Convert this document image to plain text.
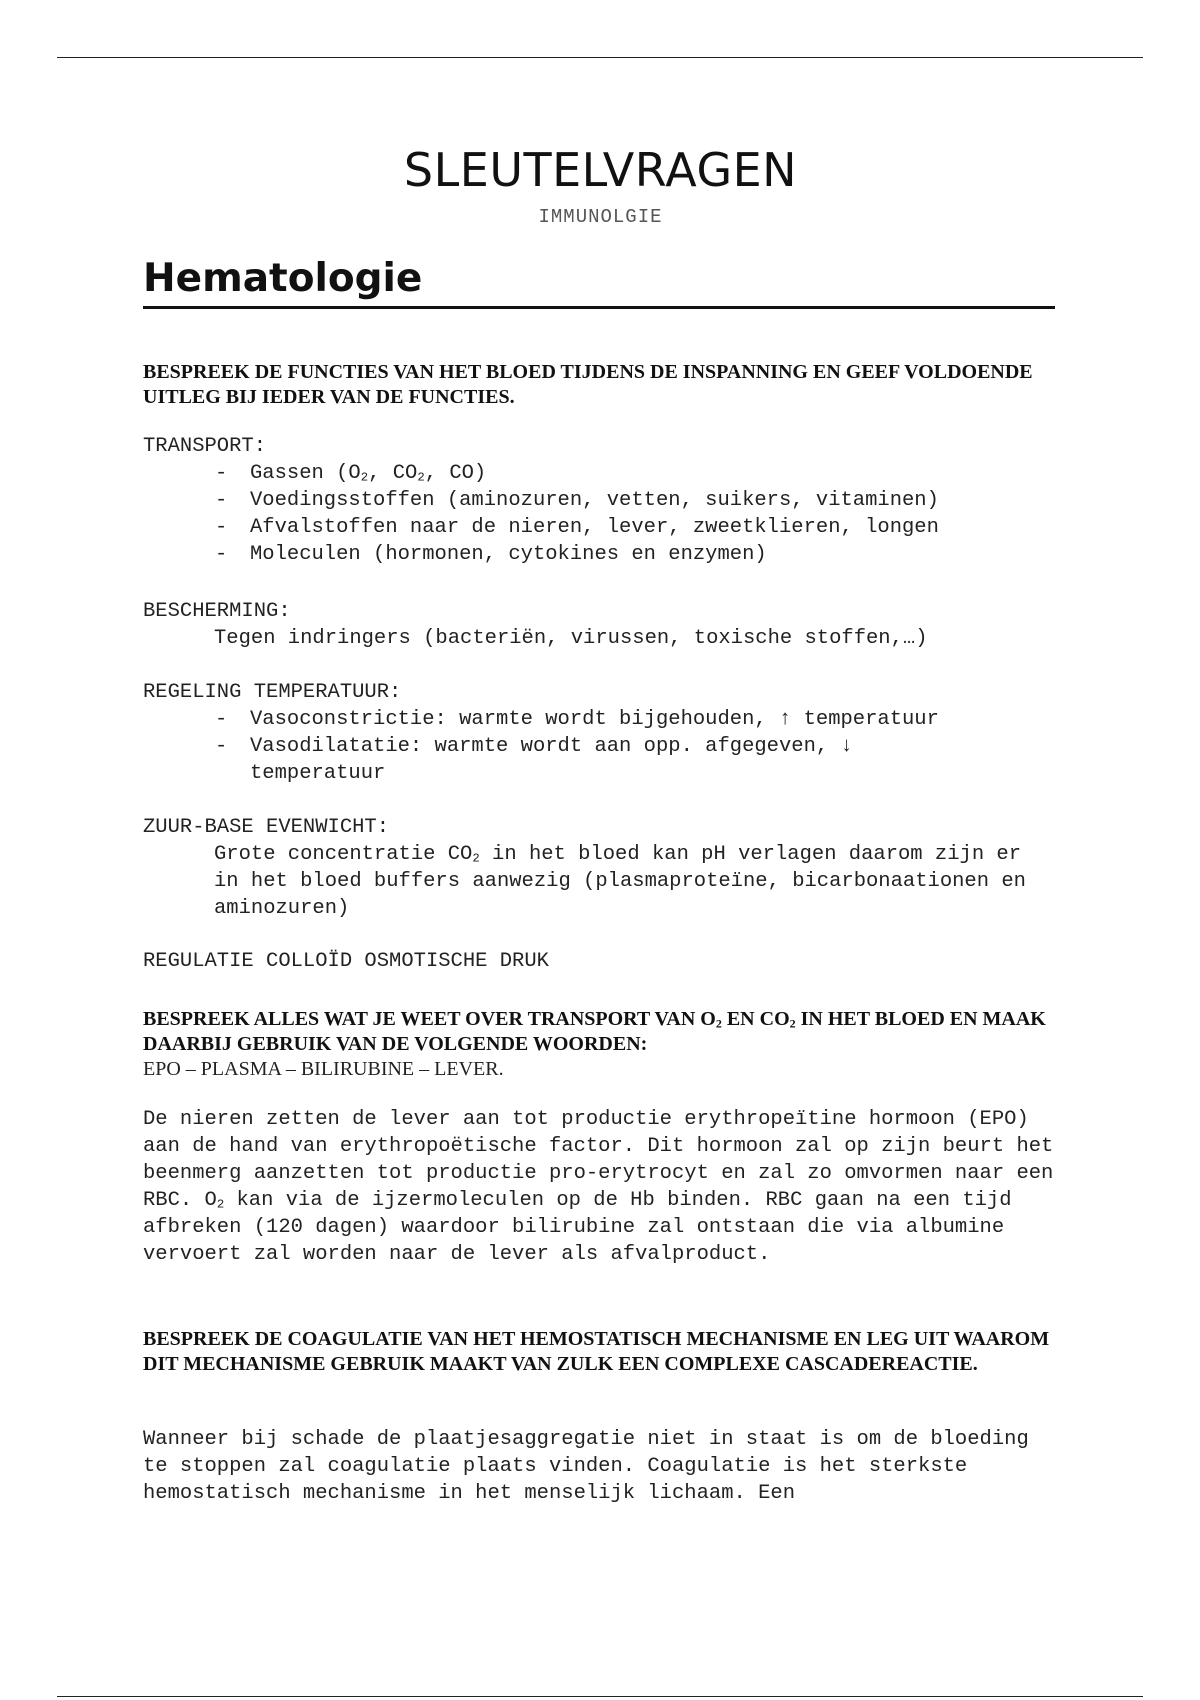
SLEUTELVRAGEN

IMMUNOLGIE

Hematologie

BESPREEK DE FUNCTIES VAN HET BLOED TIJDENS DE INSPANNING EN GEEF VOLDOENDE UITLEG BIJ IEDER VAN DE FUNCTIES.

TRANSPORT:

- Gassen ($O_2$, $CO_2$, CO)
- Voedingsstoffen (aminozuren, vetten, suikers, vitaminen)
- Afvalstoffen naar de nieren, lever, zweetklieren, longen
- Moleculen (hormonen, cytokines en enzymen)

BESCHERMING:

Tegen indringers (bacteriën, virussen, toxische stoffen,…)

REGELING TEMPERATUUR:

- Vasoconstrictie: warmte wordt bijgehouden, ↑ temperatuur
- Vasodilatatie: warmte wordt aan opp. afgegeven, ↓ temperatuur

ZUUR-BASE EVENWICHT:

Grote concentratie $CO_2$ in het bloed kan pH verlagen daarom zijn er in het bloed buffers aanwezig (plasmaproteïne, bicarbonaationen en aminozuren)

REGULATIE COLLOÏD OSMOTISCHE DRUK

BESPREEK ALLES WAT JE WEET OVER TRANSPORT VAN $O_2$ EN $CO_2$ IN HET BLOED EN MAAK DAARBIJ GEBRUIK VAN DE VOLGENDE WOORDEN:

EPO – PLASMA – BILIRUBINE – LEVER.

De nieren zetten de lever aan tot productie erythropeïtine hormoon (EPO) aan de hand van erythropoëtische factor. Dit hormoon zal op zijn beurt het beenmerg aanzetten tot productie pro-erytrocyt en zal zo omvormen naar een RBC. $O_2$ kan via de ijzermoleculen op de Hb binden. RBC gaan na een tijd afbreken (120 dagen) waardoor bilirubine zal ontstaan die via albumine vervoert zal worden naar de lever als afvalproduct.

BESPREEK DE COAGULATIE VAN HET HEMOSTATISCH MECHANISME EN LEG UIT WAAROM DIT MECHANISME GEBRUIK MAAKT VAN ZULK EEN COMPLEXE CASCADEREACTIE.

Wanneer bij schade de plaatjesaggregatie niet in staat is om de bloeding te stoppen zal coagulatie plaats vinden. Coagulatie is het sterkste hemostatisch mechanisme in het menselijk lichaam. Een
